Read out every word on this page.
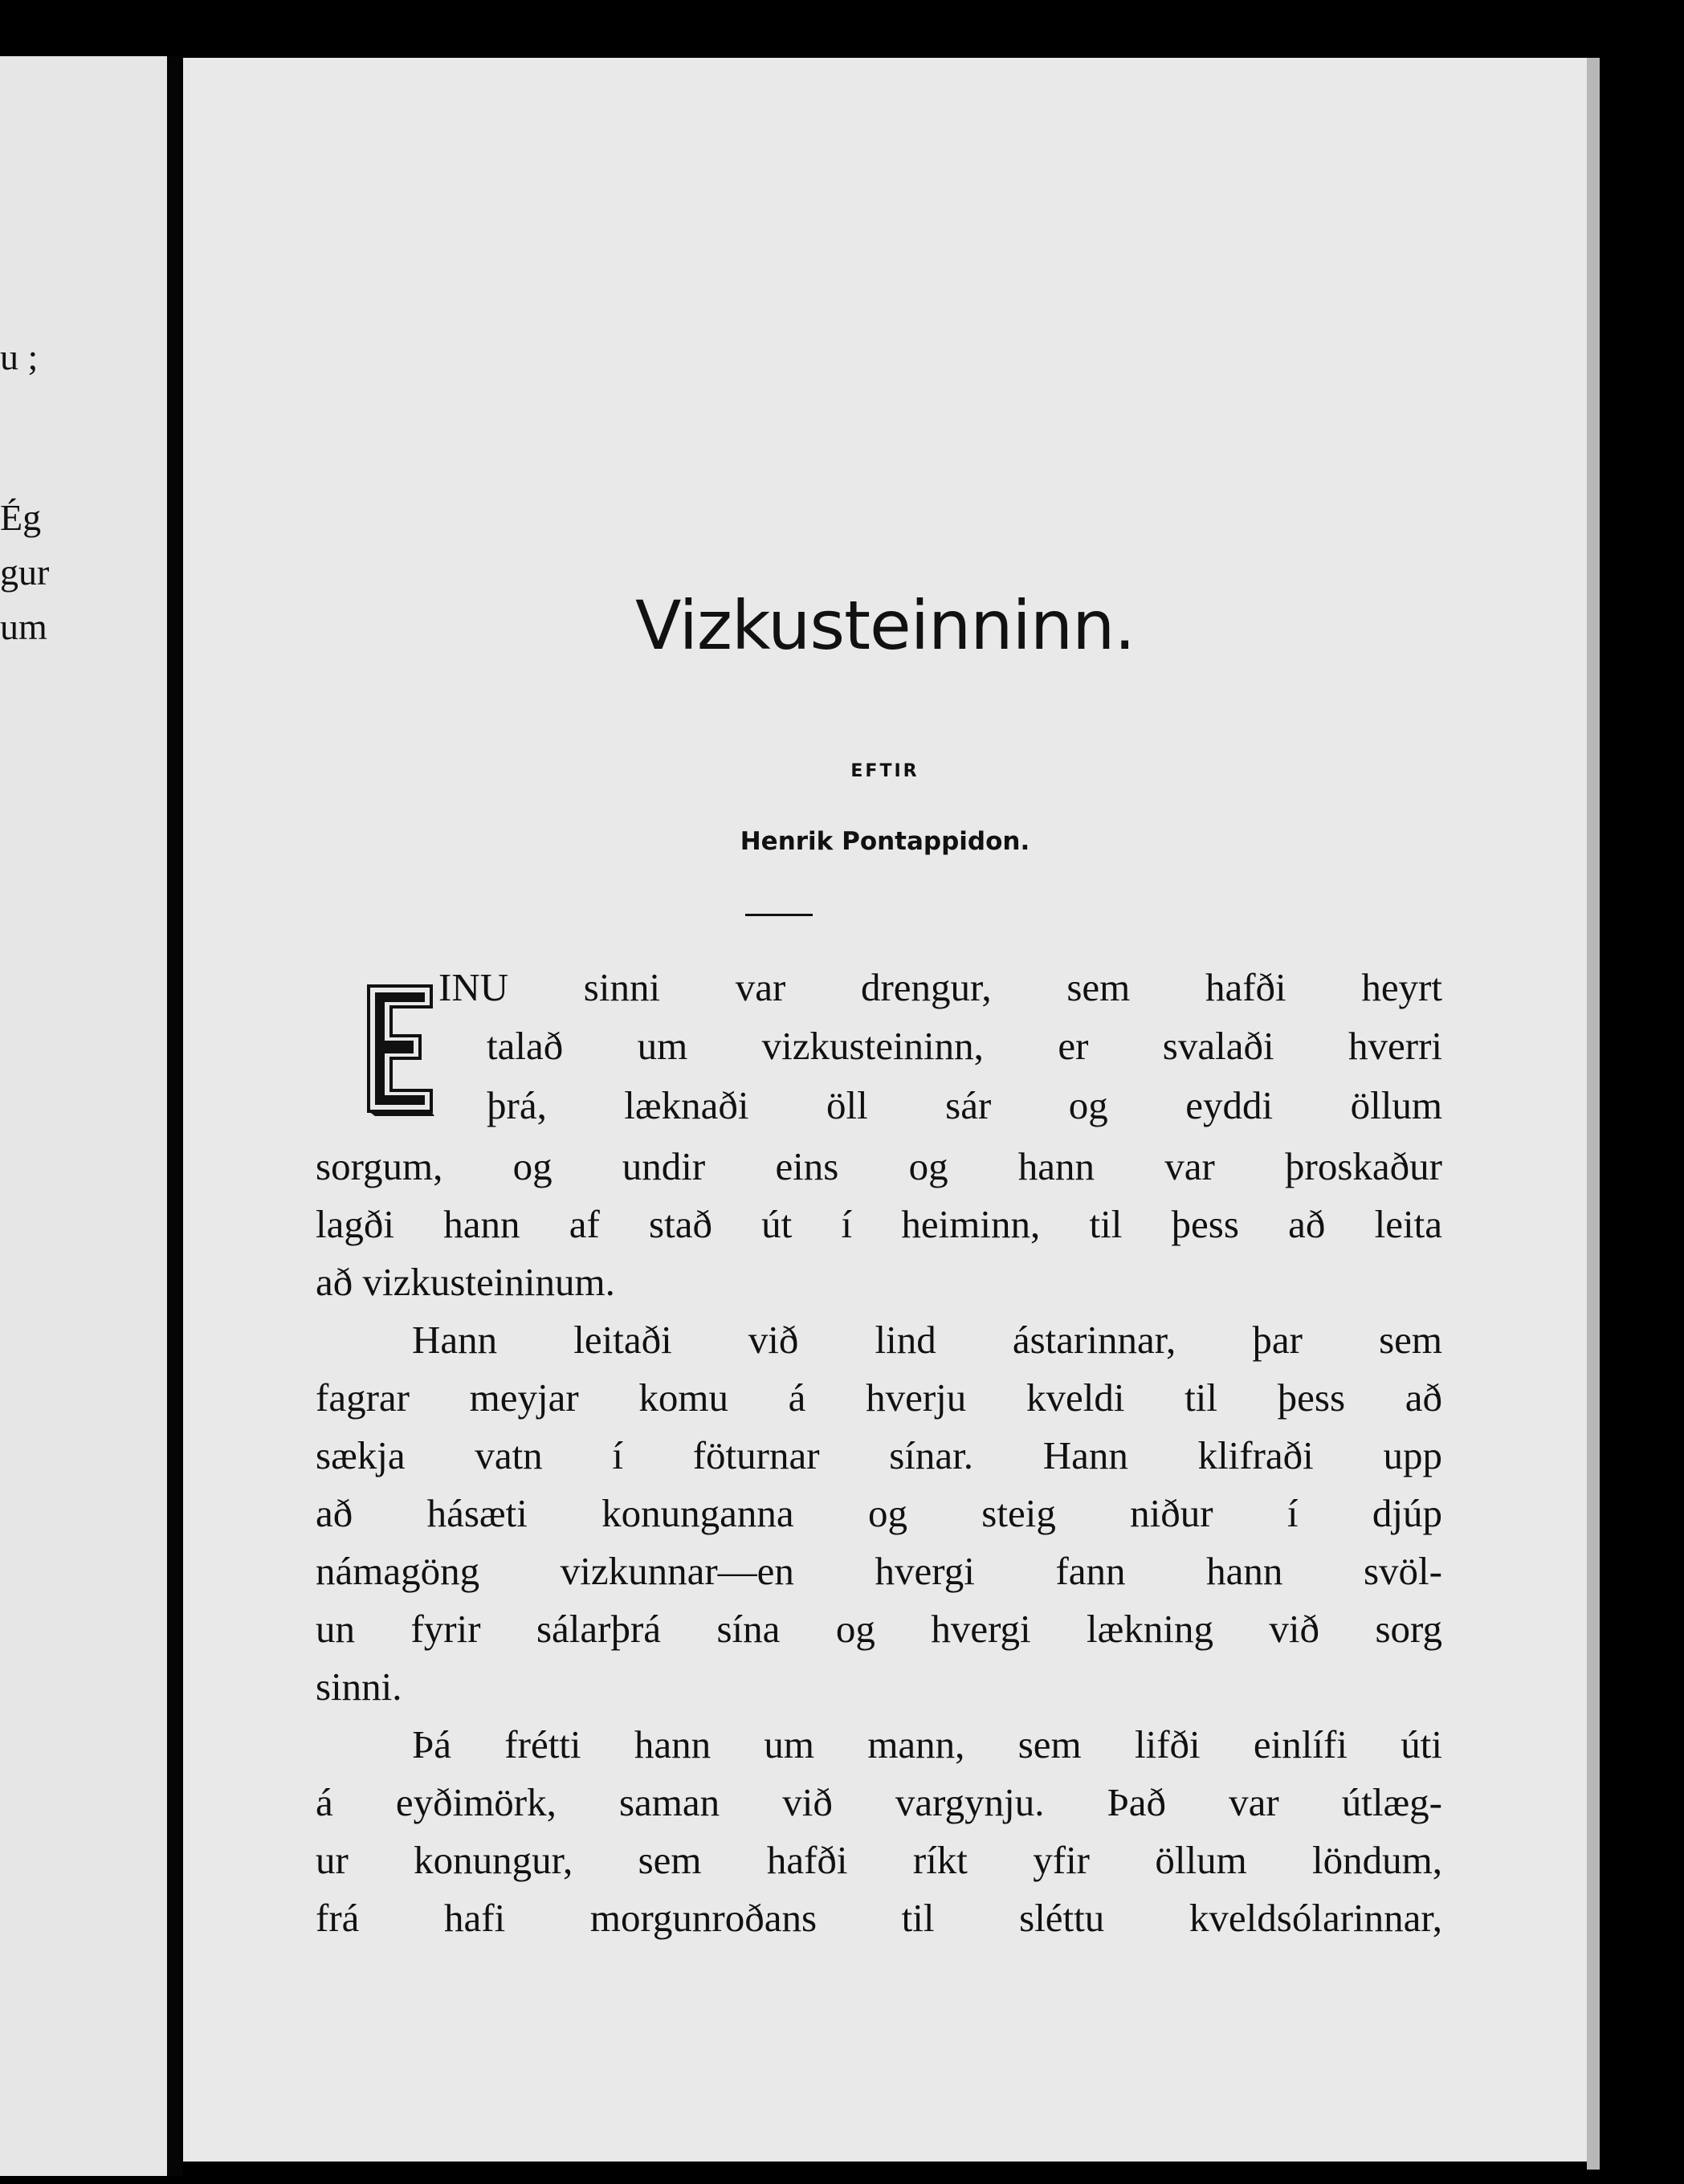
u ;
Ég
gur
um	Vizkusteinninn.
EFTIR
Henrik Pontappidon.
INU sinni var drengur, sem hafði heyrt
talað um vizkusteininn, er svalaði hverri
þrá, læknaði öll sár og eyddi öllum
sorgum, og undir eins og hann var þroskaður
lagði hann af stað út í heiminn, til þess að leita
að vizkusteininum.
Hann leitaði við lind ástarinnar, þar sem
fagrar meyjar komu á hverju kveldi til þess að
sækja vatn í föturnar sínar. Hann klifraði upp
að hásæti konunganna og steig niður í djúp
námagöng vizkunnar—en hvergi fann hann svöl-
un fyrir sálarþrá sína og hvergi lækning við sorg
sinni.
Þá frétti hann um mann, sem lifði einlífi úti
á eyðimörk, saman við vargynju. Það var útlæg-
ur konungur, sem hafði ríkt yfir öllum löndum,
frá hafi morgunroðans til sléttu kveldsólarinnar,
